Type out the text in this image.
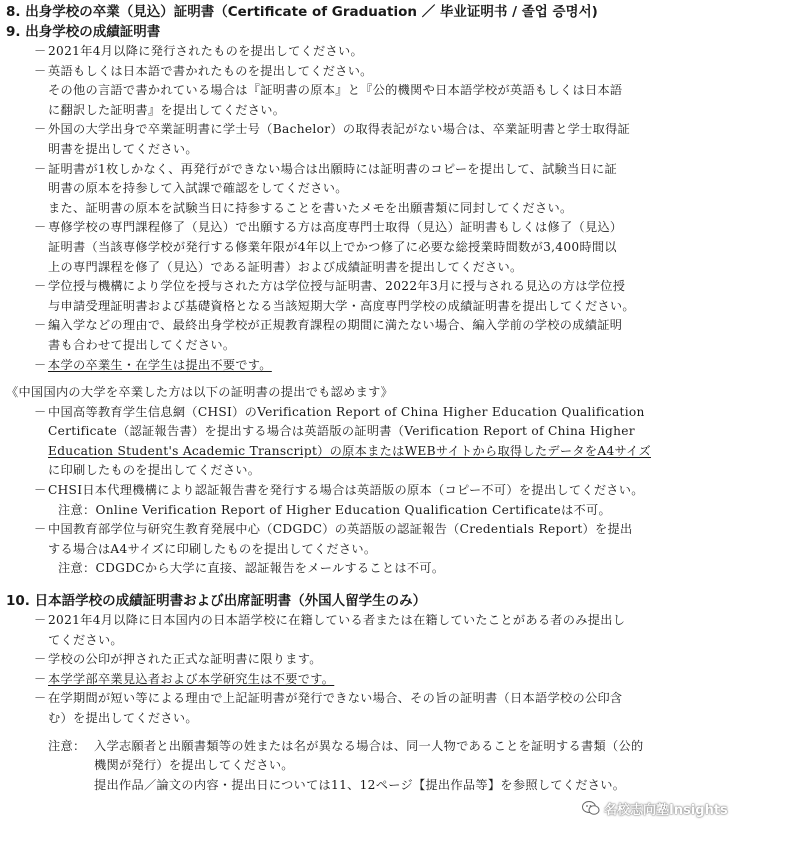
8. 出身学校の卒業（見込）証明書（Certificate of Graduation ／ 毕业证明书 / 졸업 증명서)
9. 出身学校の成績証明書
－ 2021年4月以降に発行されたものを提出してください。
－ 英語もしくは日本語で書かれたものを提出してください。
その他の言語で書かれている場合は『証明書の原本』と『公的機関や日本語学校が英語もしくは日本語
に翻訳した証明書』を提出してください。
－ 外国の大学出身で卒業証明書に学士号（Bachelor）の取得表記がない場合は、卒業証明書と学士取得証
明書を提出してください。
－ 証明書が1枚しかなく、再発行ができない場合は出願時には証明書のコピーを提出して、試験当日に証
明書の原本を持参して入試課で確認をしてください。
また、証明書の原本を試験当日に持参することを書いたメモを出願書類に同封してください。
－ 専修学校の専門課程修了（見込）で出願する方は高度専門士取得（見込）証明書もしくは修了（見込）
証明書（当該専修学校が発行する修業年限が4年以上でかつ修了に必要な総授業時間数が3,400時間以
上の専門課程を修了（見込）である証明書）および成績証明書を提出してください。
－ 学位授与機構により学位を授与された方は学位授与証明書、2022年3月に授与される見込の方は学位授
与申請受理証明書および基礎資格となる当該短期大学・高度専門学校の成績証明書を提出してください。
－ 編入学などの理由で、最終出身学校が正規教育課程の期間に満たない場合、編入学前の学校の成績証明
書も合わせて提出してください。
－ 本学の卒業生・在学生は提出不要です。
《中国国内の大学を卒業した方は以下の証明書の提出でも認めます》
－ 中国高等教育学生信息網（CHSI）のVerification Report of China Higher Education Qualification
Certificate（認証報告書）を提出する場合は英語版の証明書（Verification Report of China Higher
Education Student's Academic Transcript）の原本またはWEBサイトから取得したデータをA4サイズ
に印刷したものを提出してください。
－ CHSI日本代理機構により認証報告書を発行する場合は英語版の原本（コピー不可）を提出してください。
注意：Online Verification Report of Higher Education Qualification Certificateは不可。
－ 中国教育部学位与研究生教育発展中心（CDGDC）の英語版の認証報告（Credentials Report）を提出
する場合はA4サイズに印刷したものを提出してください。
注意：CDGDCから大学に直接、認証報告をメールすることは不可。
10. 日本語学校の成績証明書および出席証明書（外国人留学生のみ）
－ 2021年4月以降に日本国内の日本語学校に在籍している者または在籍していたことがある者のみ提出し
てください。
－ 学校の公印が押された正式な証明書に限ります。
－ 本学学部卒業見込者および本学研究生は不要です。
－ 在学期間が短い等による理由で上記証明書が発行できない場合、その旨の証明書（日本語学校の公印含
む）を提出してください。
注意： 入学志願者と出願書類等の姓または名が異なる場合は、同一人物であることを証明する書類（公的
機関が発行）を提出してください。
提出作品／論文の内容・提出日については11、12ページ【提出作品等】を参照してください。
名校志向塾Insights
